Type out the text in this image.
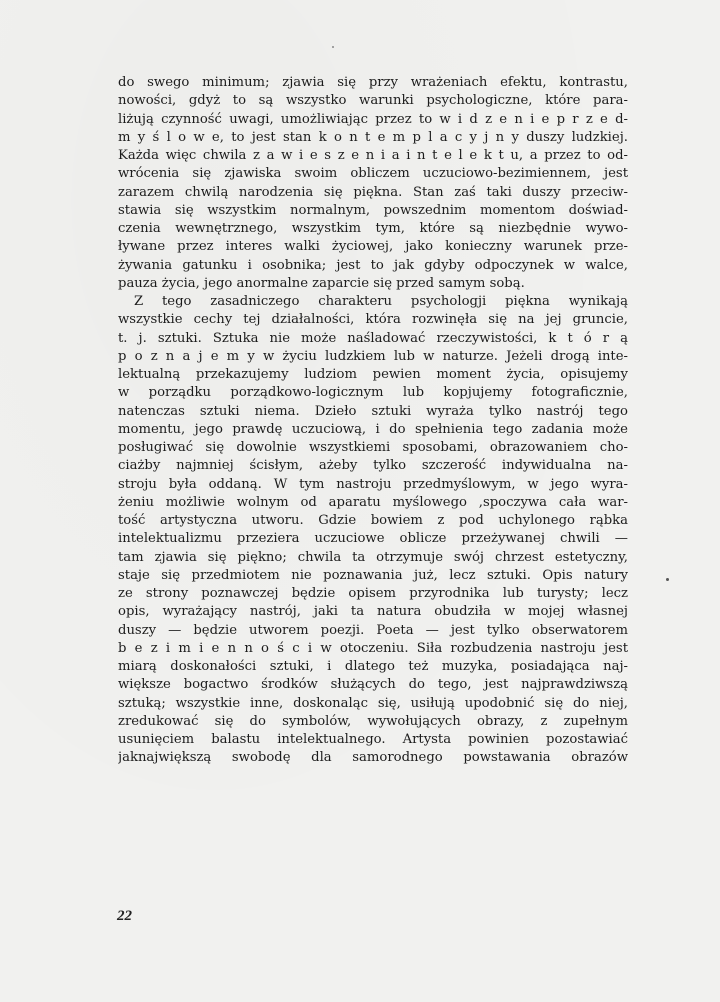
do swego minimum; zjawia się przy wrażeniach efektu, kontrastu,
nowości, gdyż to są wszystko warunki psychologiczne, które para-
liżują czynność uwagi, umożliwiając przez to w i d z e n i e p r z e d-
m y ś l o w e, to jest stan k o n t e m p l a c y j n y duszy ludzkiej.
Każda więc chwila z a w i e s z e n i a i n t e l e k t u, a przez to od-
wrócenia się zjawiska swoim obliczem uczuciowo-bezimiennem, jest
zarazem chwilą narodzenia się piękna. Stan zaś taki duszy przeciw-
stawia się wszystkim normalnym, powszednim momentom doświad-
czenia wewnętrznego, wszystkim tym, które są niezbędnie wywo-
ływane przez interes walki życiowej, jako konieczny warunek prze-
żywania gatunku i osobnika; jest to jak gdyby odpoczynek w walce,
pauza życia, jego anormalne zaparcie się przed samym sobą.
Z tego zasadniczego charakteru psychologji piękna wynikają
wszystkie cechy tej działalności, która rozwinęła się na jej gruncie,
t. j. sztuki. Sztuka nie może naśladować rzeczywistości, k t ó r ą
p o z n a j e m y w życiu ludzkiem lub w naturze. Jeżeli drogą inte-
lektualną przekazujemy ludziom pewien moment życia, opisujemy
w porządku porządkowo-logicznym lub kopjujemy fotograficznie,
natenczas sztuki niema. Dzieło sztuki wyraża tylko nastrój tego
momentu, jego prawdę uczuciową, i do spełnienia tego zadania może
posługiwać się dowolnie wszystkiemi sposobami, obrazowaniem cho-
ciażby najmniej ścisłym, ażeby tylko szczerość indywidualna na-
stroju była oddaną. W tym nastroju przedmyślowym, w jego wyra-
żeniu możliwie wolnym od aparatu myślowego ,spoczywa cała war-
tość artystyczna utworu. Gdzie bowiem z pod uchylonego rąbka
intelektualizmu przeziera uczuciowe oblicze przeżywanej chwili —
tam zjawia się piękno; chwila ta otrzymuje swój chrzest estetyczny,
staje się przedmiotem nie poznawania już, lecz sztuki. Opis natury
ze strony poznawczej będzie opisem przyrodnika lub turysty; lecz
opis, wyrażający nastrój, jaki ta natura obudziła w mojej własnej
duszy — będzie utworem poezji. Poeta — jest tylko obserwatorem
b e z i m i e n n o ś c i w otoczeniu. Siła rozbudzenia nastroju jest
miarą doskonałości sztuki, i dlatego też muzyka, posiadająca naj-
większe bogactwo środków służących do tego, jest najprawdziwszą
sztuką; wszystkie inne, doskonaląc się, usiłują upodobnić się do niej,
zredukować się do symbolów, wywołujących obrazy, z zupełnym
usunięciem balastu intelektualnego. Artysta powinien pozostawiać
jaknajwiększą swobodę dla samorodnego powstawania obrazów
22
